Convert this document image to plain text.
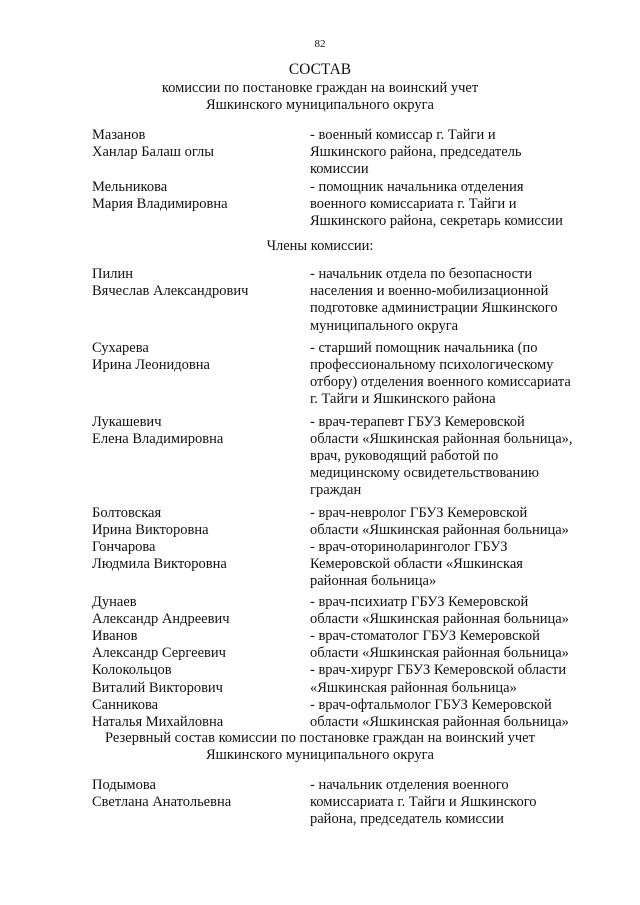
82
СОСТАВ
комиссии по постановке граждан на воинский учет
Яшкинского муниципального округа
Мазанов
Ханлар Балаш оглы
- военный комиссар г. Тайги и
Яшкинского района, председатель
комиссии
Мельникова
Мария Владимировна
- помощник начальника отделения
военного комиссариата г. Тайги и
Яшкинского района, секретарь комиссии
Члены комиссии:
Пилин
Вячеслав Александрович
- начальник отдела по безопасности
населения и военно-мобилизационной
подготовке администрации Яшкинского
муниципального округа
Сухарева
Ирина Леонидовна
- старший помощник начальника (по
профессиональному психологическому
отбору) отделения военного комиссариата
г. Тайги и Яшкинского района
Лукашевич
Елена Владимировна
- врач-терапевт ГБУЗ Кемеровской
области «Яшкинская районная больница»,
врач, руководящий работой по
медицинскому освидетельствованию
граждан
Болтовская
Ирина Викторовна
- врач-невролог ГБУЗ Кемеровской
области «Яшкинская районная больница»
Гончарова
Людмила Викторовна
- врач-оториноларинголог ГБУЗ
Кемеровской области «Яшкинская
районная больница»
Дунаев
Александр Андреевич
- врач-психиатр ГБУЗ Кемеровской
области «Яшкинская районная больница»
Иванов
Александр Сергеевич
- врач-стоматолог ГБУЗ Кемеровской
области «Яшкинская районная больница»
Колокольцов
Виталий Викторович
- врач-хирург ГБУЗ Кемеровской области
«Яшкинская районная больница»
Санникова
Наталья Михайловна
- врач-офтальмолог ГБУЗ Кемеровской
области «Яшкинская районная больница»
Резервный состав комиссии по постановке граждан на воинский учет
Яшкинского муниципального округа
Подымова
Светлана Анатольевна
- начальник отделения военного
комиссариата г. Тайги и Яшкинского
района, председатель комиссии
